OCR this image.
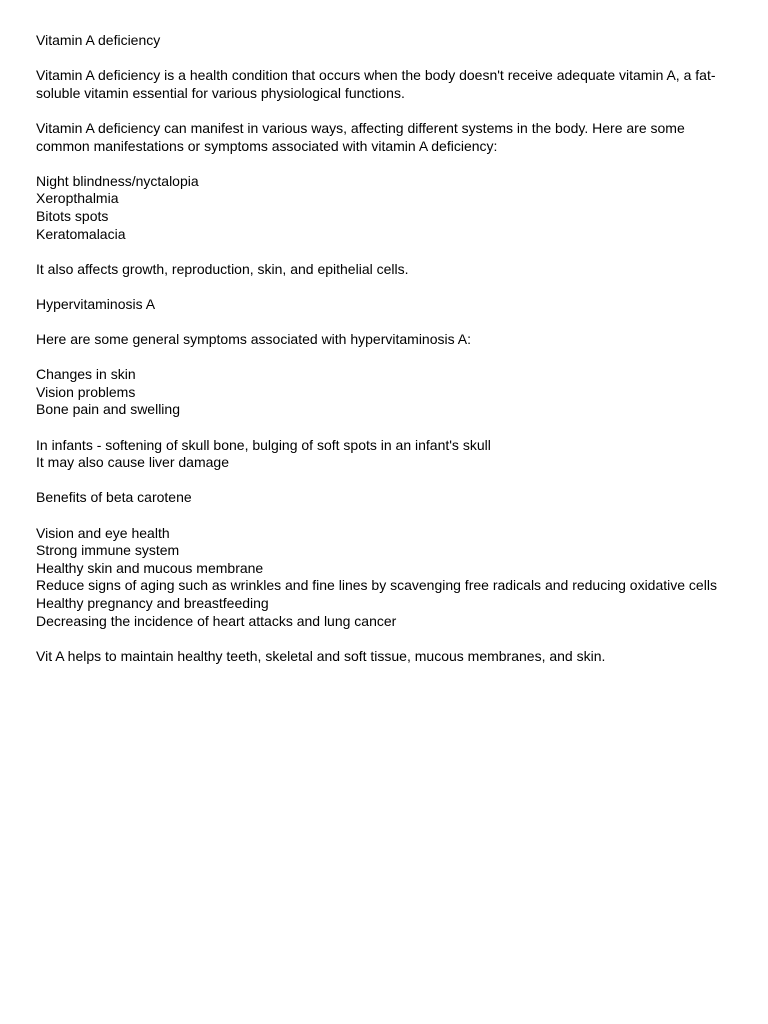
Vitamin A deficiency

Vitamin A deficiency is a health condition that occurs when the body doesn't receive adequate vitamin A, a fat-soluble vitamin essential for various physiological functions.

Vitamin A deficiency can manifest in various ways, affecting different systems in the body. Here are some common manifestations or symptoms associated with vitamin A deficiency:

Night blindness/nyctalopia
Xeropthalmia
Bitots spots
Keratomalacia
It also affects growth, reproduction, skin, and epithelial cells.
Hypervitaminosis A
Here are some general symptoms associated with hypervitaminosis A:
Changes in skin
Vision problems
Bone pain and swelling
In infants - softening of skull bone, bulging of soft spots in an infant's skull
It may also cause liver damage
Benefits of beta carotene
Vision and eye health
Strong immune system
Healthy skin and mucous membrane
Reduce signs of aging such as wrinkles and fine lines by scavenging free radicals and reducing oxidative cells
Healthy pregnancy and breastfeeding
Decreasing the incidence of heart attacks and lung cancer
Vit A helps to maintain healthy teeth, skeletal and soft tissue, mucous membranes, and skin.
